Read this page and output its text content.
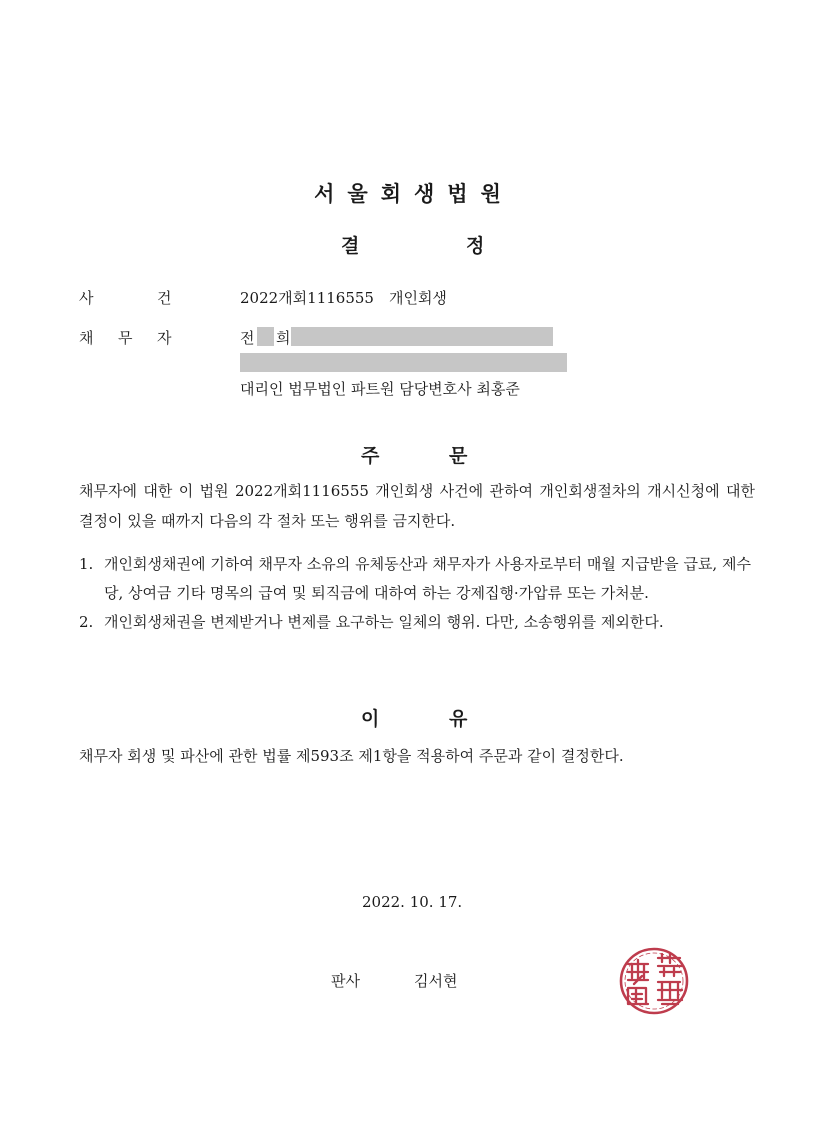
서울회생법원
결	정
사	건	2022개회1116555　개인회생
채 무 자	전 희
대리인 법무법인 파트원 담당변호사 최홍준
주	문
채무자에 대한 이 법원 2022개회1116555 개인회생 사건에 관하여 개인회생절차의 개시신청에 대한 결정이 있을 때까지 다음의 각 절차 또는 행위를 금지한다.
1. 개인회생채권에 기하여 채무자 소유의 유체동산과 채무자가 사용자로부터 매월 지급받을 급료, 제수당, 상여금 기타 명목의 급여 및 퇴직금에 대하여 하는 강제집행·가압류 또는 가처분.
2. 개인회생채권을 변제받거나 변제를 요구하는 일체의 행위. 다만, 소송행위를 제외한다.
이	유
채무자 회생 및 파산에 관한 법률 제593조 제1항을 적용하여 주문과 같이 결정한다.
2022. 10. 17.
판사	김서현
